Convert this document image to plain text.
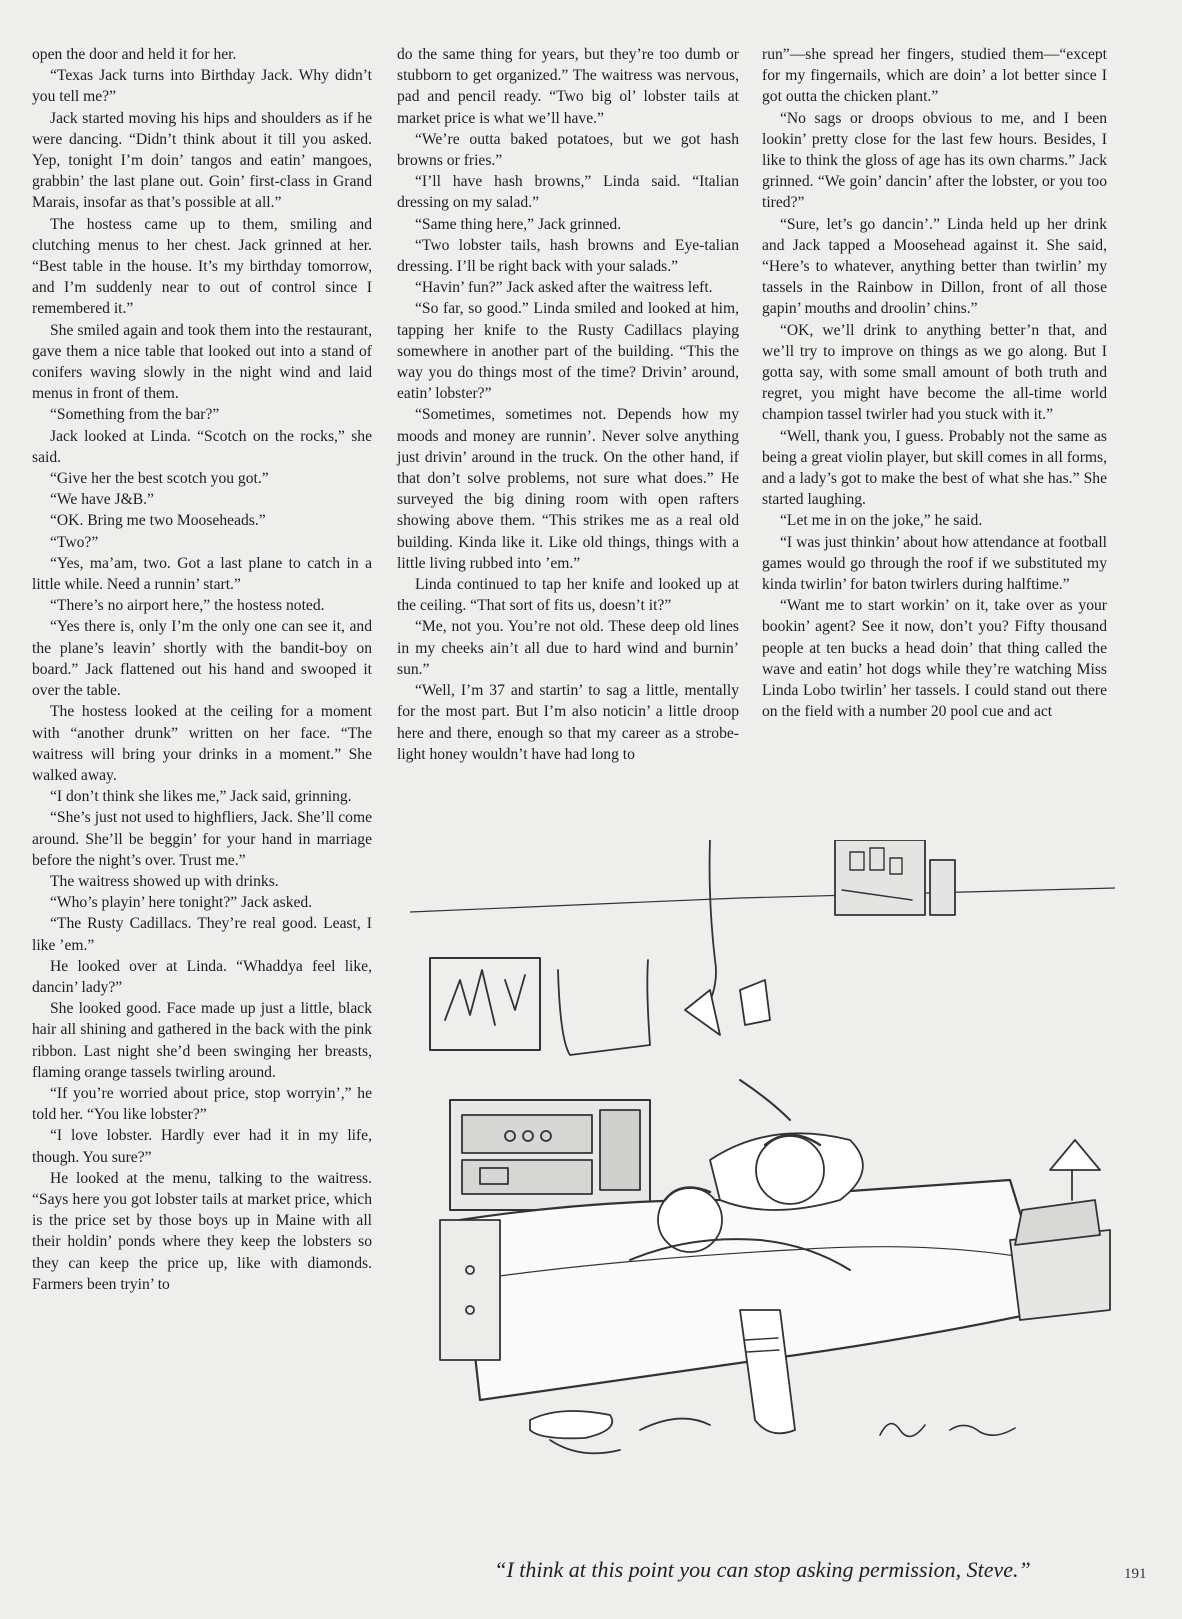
open the door and held it for her.

“Texas Jack turns into Birthday Jack. Why didn’t you tell me?”

Jack started moving his hips and shoulders as if he were dancing. “Didn’t think about it till you asked. Yep, tonight I’m doin’ tangos and eatin’ mangoes, grabbin’ the last plane out. Goin’ first-class in Grand Marais, insofar as that’s possible at all.”

The hostess came up to them, smiling and clutching menus to her chest. Jack grinned at her. “Best table in the house. It’s my birthday tomorrow, and I’m suddenly near to out of control since I remembered it.”

She smiled again and took them into the restaurant, gave them a nice table that looked out into a stand of conifers waving slowly in the night wind and laid menus in front of them.

“Something from the bar?”

Jack looked at Linda. “Scotch on the rocks,” she said.

“Give her the best scotch you got.”

“We have J&B.”

“OK. Bring me two Mooseheads.”

“Two?”

“Yes, ma’am, two. Got a last plane to catch in a little while. Need a runnin’ start.”

“There’s no airport here,” the hostess noted.

“Yes there is, only I’m the only one can see it, and the plane’s leavin’ shortly with the bandit-boy on board.” Jack flattened out his hand and swooped it over the table.

The hostess looked at the ceiling for a moment with “another drunk” written on her face. “The waitress will bring your drinks in a moment.” She walked away.

“I don’t think she likes me,” Jack said, grinning.

“She’s just not used to highfliers, Jack. She’ll come around. She’ll be beggin’ for your hand in marriage before the night’s over. Trust me.”

The waitress showed up with drinks.

“Who’s playin’ here tonight?” Jack asked.

“The Rusty Cadillacs. They’re real good. Least, I like ’em.”

He looked over at Linda. “Whaddya feel like, dancin’ lady?”

She looked good. Face made up just a little, black hair all shining and gathered in the back with the pink ribbon. Last night she’d been swinging her breasts, flaming orange tassels twirling around.

“If you’re worried about price, stop worryin’,” he told her. “You like lobster?”

“I love lobster. Hardly ever had it in my life, though. You sure?”

He looked at the menu, talking to the waitress. “Says here you got lobster tails at market price, which is the price set by those boys up in Maine with all their holdin’ ponds where they keep the lobsters so they can keep the price up, like with diamonds. Farmers been tryin’ to

do the same thing for years, but they’re too dumb or stubborn to get organized.” The waitress was nervous, pad and pencil ready. “Two big ol’ lobster tails at market price is what we’ll have.”

“We’re outta baked potatoes, but we got hash browns or fries.”

“I’ll have hash browns,” Linda said. “Italian dressing on my salad.”

“Same thing here,” Jack grinned.

“Two lobster tails, hash browns and Eye-talian dressing. I’ll be right back with your salads.”

“Havin’ fun?” Jack asked after the waitress left.

“So far, so good.” Linda smiled and looked at him, tapping her knife to the Rusty Cadillacs playing somewhere in another part of the building. “This the way you do things most of the time? Drivin’ around, eatin’ lobster?”

“Sometimes, sometimes not. Depends how my moods and money are runnin’. Never solve anything just drivin’ around in the truck. On the other hand, if that don’t solve problems, not sure what does.” He surveyed the big dining room with open rafters showing above them. “This strikes me as a real old building. Kinda like it. Like old things, things with a little living rubbed into ’em.”

Linda continued to tap her knife and looked up at the ceiling. “That sort of fits us, doesn’t it?”

“Me, not you. You’re not old. These deep old lines in my cheeks ain’t all due to hard wind and burnin’ sun.”

“Well, I’m 37 and startin’ to sag a little, mentally for the most part. But I’m also noticin’ a little droop here and there, enough so that my career as a strobe-light honey wouldn’t have had long to

run”—she spread her fingers, studied them—“except for my fingernails, which are doin’ a lot better since I got outta the chicken plant.”

“No sags or droops obvious to me, and I been lookin’ pretty close for the last few hours. Besides, I like to think the gloss of age has its own charms.” Jack grinned. “We goin’ dancin’ after the lobster, or you too tired?”

“Sure, let’s go dancin’.” Linda held up her drink and Jack tapped a Moosehead against it. She said, “Here’s to whatever, anything better than twirlin’ my tassels in the Rainbow in Dillon, front of all those gapin’ mouths and droolin’ chins.”

“OK, we’ll drink to anything better’n that, and we’ll try to improve on things as we go along. But I gotta say, with some small amount of both truth and regret, you might have become the all-time world champion tassel twirler had you stuck with it.”

“Well, thank you, I guess. Probably not the same as being a great violin player, but skill comes in all forms, and a lady’s got to make the best of what she has.” She started laughing.

“Let me in on the joke,” he said.

“I was just thinkin’ about how attendance at football games would go through the roof if we substituted my kinda twirlin’ for baton twirlers during halftime.”

“Want me to start workin’ on it, take over as your bookin’ agent? See it now, don’t you? Fifty thousand people at ten bucks a head doin’ that thing called the wave and eatin’ hot dogs while they’re watching Miss Linda Lobo twirlin’ her tassels. I could stand out there on the field with a number 20 pool cue and act

“I think at this point you can stop asking permission, Steve.”	191
